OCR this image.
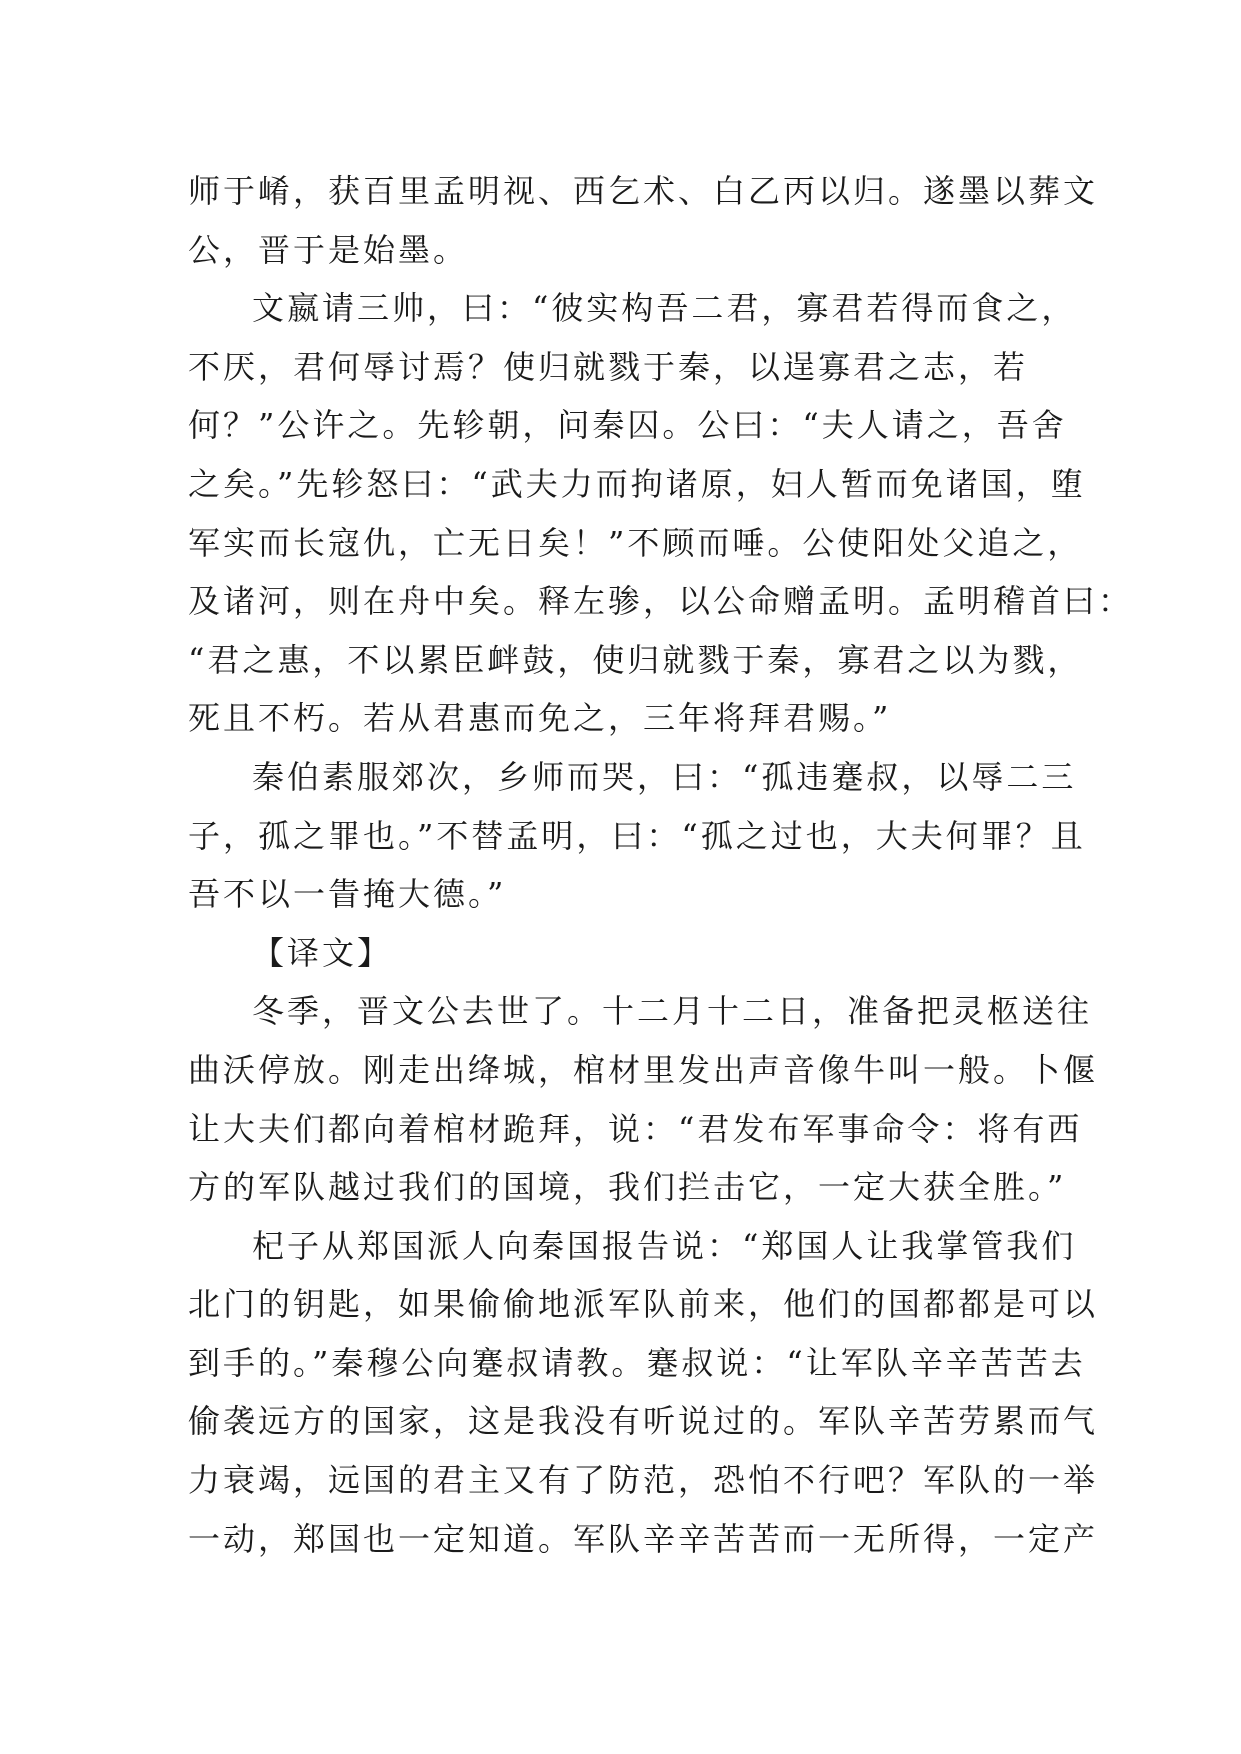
师于崤，获百里孟明视、西乞术、白乙丙以归。遂墨以葬文
公，晋于是始墨。
文嬴请三帅，曰：“彼实构吾二君，寡君若得而食之，
不厌，君何辱讨焉？使归就戮于秦，以逞寡君之志，若
何？”公许之。先轸朝，问秦囚。公曰：“夫人请之，吾舍
之矣。”先轸怒曰：“武夫力而拘诸原，妇人暂而免诸国，堕
军实而长寇仇，亡无日矣！”不顾而唾。公使阳处父追之，
及诸河，则在舟中矣。释左骖，以公命赠孟明。孟明稽首曰：
“君之惠，不以累臣衅鼓，使归就戮于秦，寡君之以为戮，
死且不朽。若从君惠而免之，三年将拜君赐。”
秦伯素服郊次，乡师而哭，曰：“孤违蹇叔，以辱二三
子，孤之罪也。”不替孟明，曰：“孤之过也，大夫何罪？且
吾不以一眚掩大德。”
【译文】
冬季，晋文公去世了。十二月十二日，准备把灵柩送往
曲沃停放。刚走出绛城，棺材里发出声音像牛叫一般。卜偃
让大夫们都向着棺材跪拜，说：“君发布军事命令：将有西
方的军队越过我们的国境，我们拦击它，一定大获全胜。”
杞子从郑国派人向秦国报告说：“郑国人让我掌管我们
北门的钥匙，如果偷偷地派军队前来，他们的国都都是可以
到手的。”秦穆公向蹇叔请教。蹇叔说：“让军队辛辛苦苦去
偷袭远方的国家，这是我没有听说过的。军队辛苦劳累而气
力衰竭，远国的君主又有了防范，恐怕不行吧？军队的一举
一动，郑国也一定知道。军队辛辛苦苦而一无所得，一定产
